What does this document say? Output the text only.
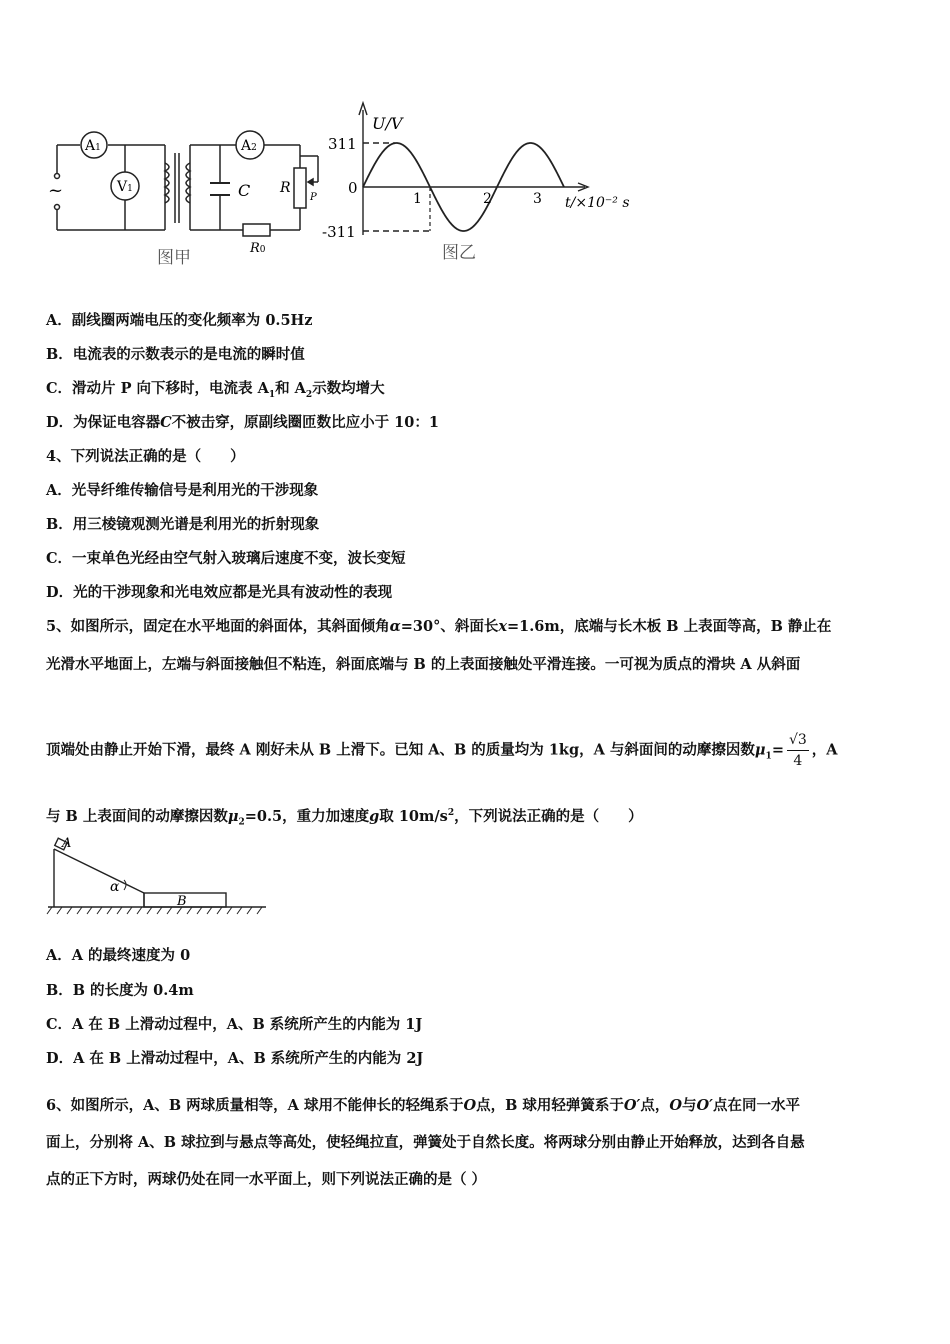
~
A1
V1
A2
C R
P
R0
图甲
U/V
311
0
-311
1	2	3 t/×10⁻² s
图乙
A．副线圈两端电压的变化频率为 0.5Hz
B．电流表的示数表示的是电流的瞬时值
C．滑动片 P 向下移时，电流表 $A_1$和 $A_2$示数均增大
D．为保证电容器C不被击穿，原副线圈匝数比应小于 10：1
4、下列说法正确的是（　　）
A．光导纤维传输信号是利用光的干涉现象
B．用三棱镜观测光谱是利用光的折射现象
C．一束单色光经由空气射入玻璃后速度不变，波长变短
D．光的干涉现象和光电效应都是光具有波动性的表现
5、如图所示，固定在水平地面的斜面体，其斜面倾角α=30°、斜面长x=1.6m，底端与长木板 B 上表面等高，B 静止在
光滑水平地面上，左端与斜面接触但不粘连，斜面底端与 B 的上表面接触处平滑连接。一可视为质点的滑块 A 从斜面
顶端处由静止开始下滑，最终 A 刚好未从 B 上滑下。已知 A、B 的质量均为 1kg，A 与斜面间的动摩擦因数$\mu_1= \frac{√3}{4}$ ，A
与 B 上表面间的动摩擦因数$\mu_2=0.5$，重力加速度g取 $10m/s^2$，下列说法正确的是（　　）
A
α
B
A．A 的最终速度为 0
B．B 的长度为 0.4m
C．A 在 B 上滑动过程中，A、B 系统所产生的内能为 1J
D．A 在 B 上滑动过程中，A、B 系统所产生的内能为 2J
6、如图所示，A、B 两球质量相等，A 球用不能伸长的轻绳系于O点，B 球用轻弹簧系于O′点，O与O′点在同一水平
面上，分别将 A、B 球拉到与悬点等高处，使轻绳拉直，弹簧处于自然长度。将两球分别由静止开始释放，达到各自悬
点的正下方时，两球仍处在同一水平面上，则下列说法正确的是（ ）
